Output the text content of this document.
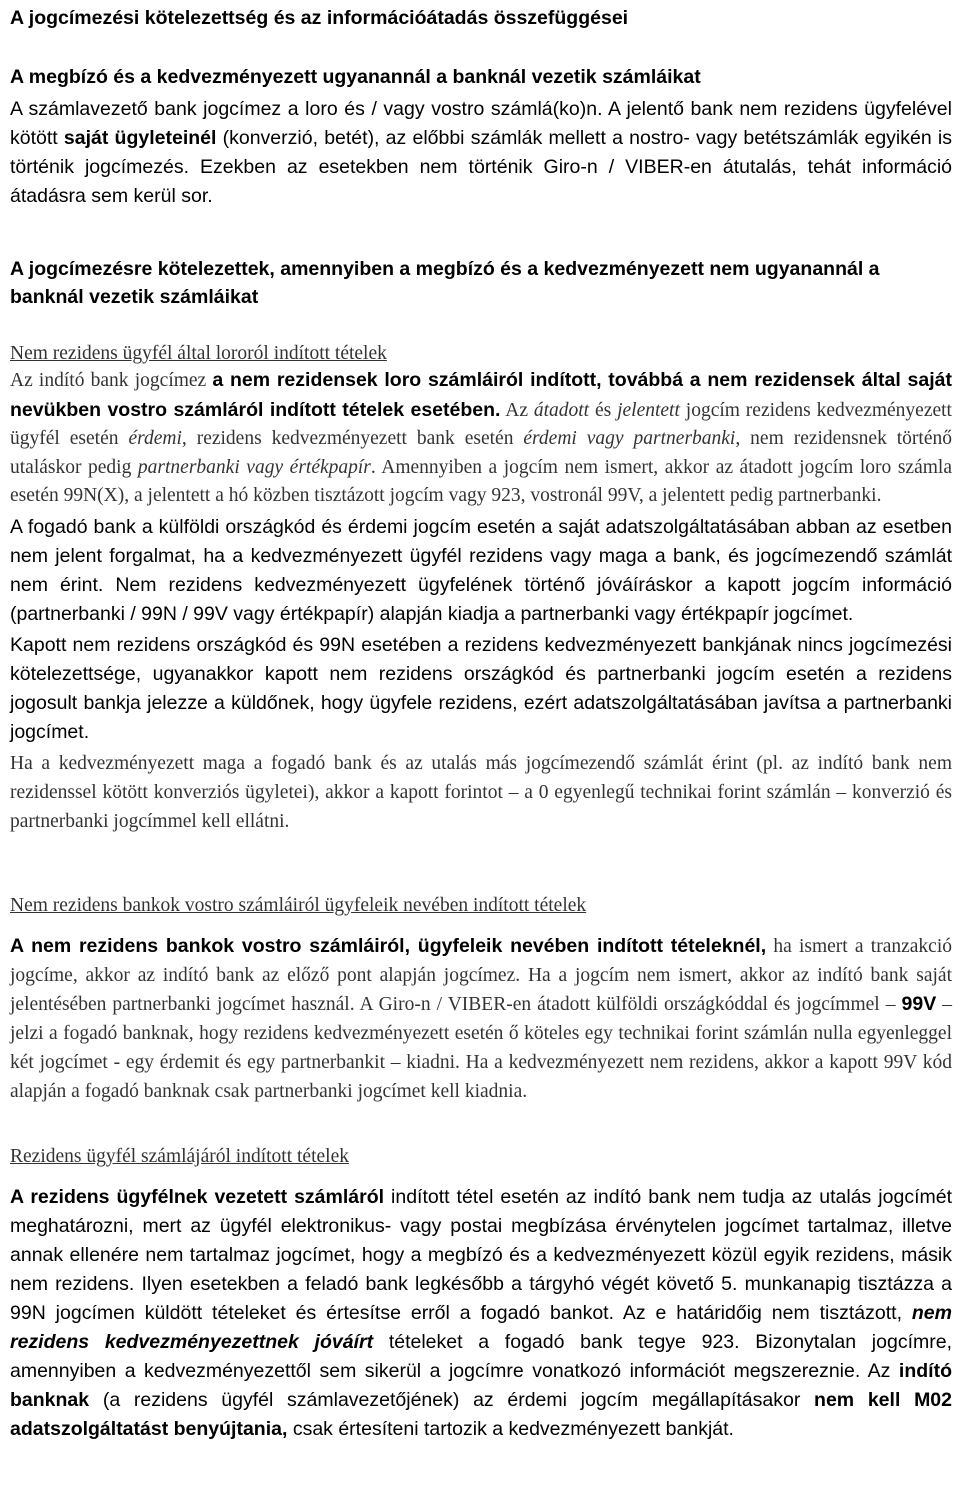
A jogcímezési kötelezettség és az információátadás összefüggései
A megbízó és a kedvezményezett ugyanannál a banknál vezetik számláikat

A számlavezető bank jogcímez a loro és / vagy vostro számlá(ko)n. A jelentő bank nem rezidens ügyfelével kötött saját ügyleteinél (konverzió, betét), az előbbi számlák mellett a nostro- vagy betétszámlák egyikén is történik jogcímezés. Ezekben az esetekben nem történik Giro-n / VIBER-en átutalás, tehát információ átadásra sem kerül sor.

A jogcímezésre kötelezettek, amennyiben a megbízó és a kedvezményezett nem ugyanannál a banknál vezetik számláikat
Nem rezidens ügyfél által lororól indított tételek

Az indító bank jogcímez a nem rezidensek loro számláiról indított, továbbá a nem rezidensek által saját nevükben vostro számláról indított tételek esetében. Az átadott és jelentett jogcím rezidens kedvezményezett ügyfél esetén érdemi, rezidens kedvezményezett bank esetén érdemi vagy partnerbanki, nem rezidensnek történő utaláskor pedig partnerbanki vagy értékpapír. Amennyiben a jogcím nem ismert, akkor az átadott jogcím loro számla esetén 99N(X), a jelentett a hó közben tisztázott jogcím vagy 923, vostronál 99V, a jelentett pedig partnerbanki.

A fogadó bank a külföldi országkód és érdemi jogcím esetén a saját adatszolgáltatásában abban az esetben nem jelent forgalmat, ha a kedvezményezett ügyfél rezidens vagy maga a bank, és jogcímezendő számlát nem érint. Nem rezidens kedvezményezett ügyfelének történő jóváíráskor a kapott jogcím információ (partnerbanki / 99N / 99V vagy értékpapír) alapján kiadja a partnerbanki vagy értékpapír jogcímet.

Kapott nem rezidens országkód és 99N esetében a rezidens kedvezményezett bankjának nincs jogcímezési kötelezettsége, ugyanakkor kapott nem rezidens országkód és partnerbanki jogcím esetén a rezidens jogosult bankja jelezze a küldőnek, hogy ügyfele rezidens, ezért adatszolgáltatásában javítsa a partnerbanki jogcímet.

Ha a kedvezményezett maga a fogadó bank és az utalás más jogcímezendő számlát érint (pl. az indító bank nem rezidenssel kötött konverziós ügyletei), akkor a kapott forintot – a 0 egyenlegű technikai forint számlán – konverzió és partnerbanki jogcímmel kell ellátni.

Nem rezidens bankok vostro számláiról ügyfeleik nevében indított tételek

A nem rezidens bankok vostro számláiról, ügyfeleik nevében indított tételeknél, ha ismert a tranzakció jogcíme, akkor az indító bank az előző pont alapján jogcímez. Ha a jogcím nem ismert, akkor az indító bank saját jelentésében partnerbanki jogcímet használ. A Giro-n / VIBER-en átadott külföldi országkóddal és jogcímmel – 99V – jelzi a fogadó banknak, hogy rezidens kedvezményezett esetén ő köteles egy technikai forint számlán nulla egyenleggel két jogcímet - egy érdemit és egy partnerbankit – kiadni. Ha a kedvezményezett nem rezidens, akkor a kapott 99V kód alapján a fogadó banknak csak partnerbanki jogcímet kell kiadnia.

Rezidens ügyfél számlájáról indított tételek

A rezidens ügyfélnek vezetett számláról indított tétel esetén az indító bank nem tudja az utalás jogcímét meghatározni, mert az ügyfél elektronikus- vagy postai megbízása érvénytelen jogcímet tartalmaz, illetve annak ellenére nem tartalmaz jogcímet, hogy a megbízó és a kedvezményezett közül egyik rezidens, másik nem rezidens. Ilyen esetekben a feladó bank legkésőbb a tárgyhó végét követő 5. munkanapig tisztázza a 99N jogcímen küldött tételeket és értesítse erről a fogadó bankot. Az e határidőig nem tisztázott, nem rezidens kedvezményezettnek jóváírt tételeket a fogadó bank tegye 923. Bizonytalan jogcímre, amennyiben a kedvezményezettől sem sikerül a jogcímre vonatkozó információt megszereznie. Az indító banknak (a rezidens ügyfél számlavezetőjének) az érdemi jogcím megállapításakor nem kell M02 adatszolgáltatást benyújtania, csak értesíteni tartozik a kedvezményezett bankját.
